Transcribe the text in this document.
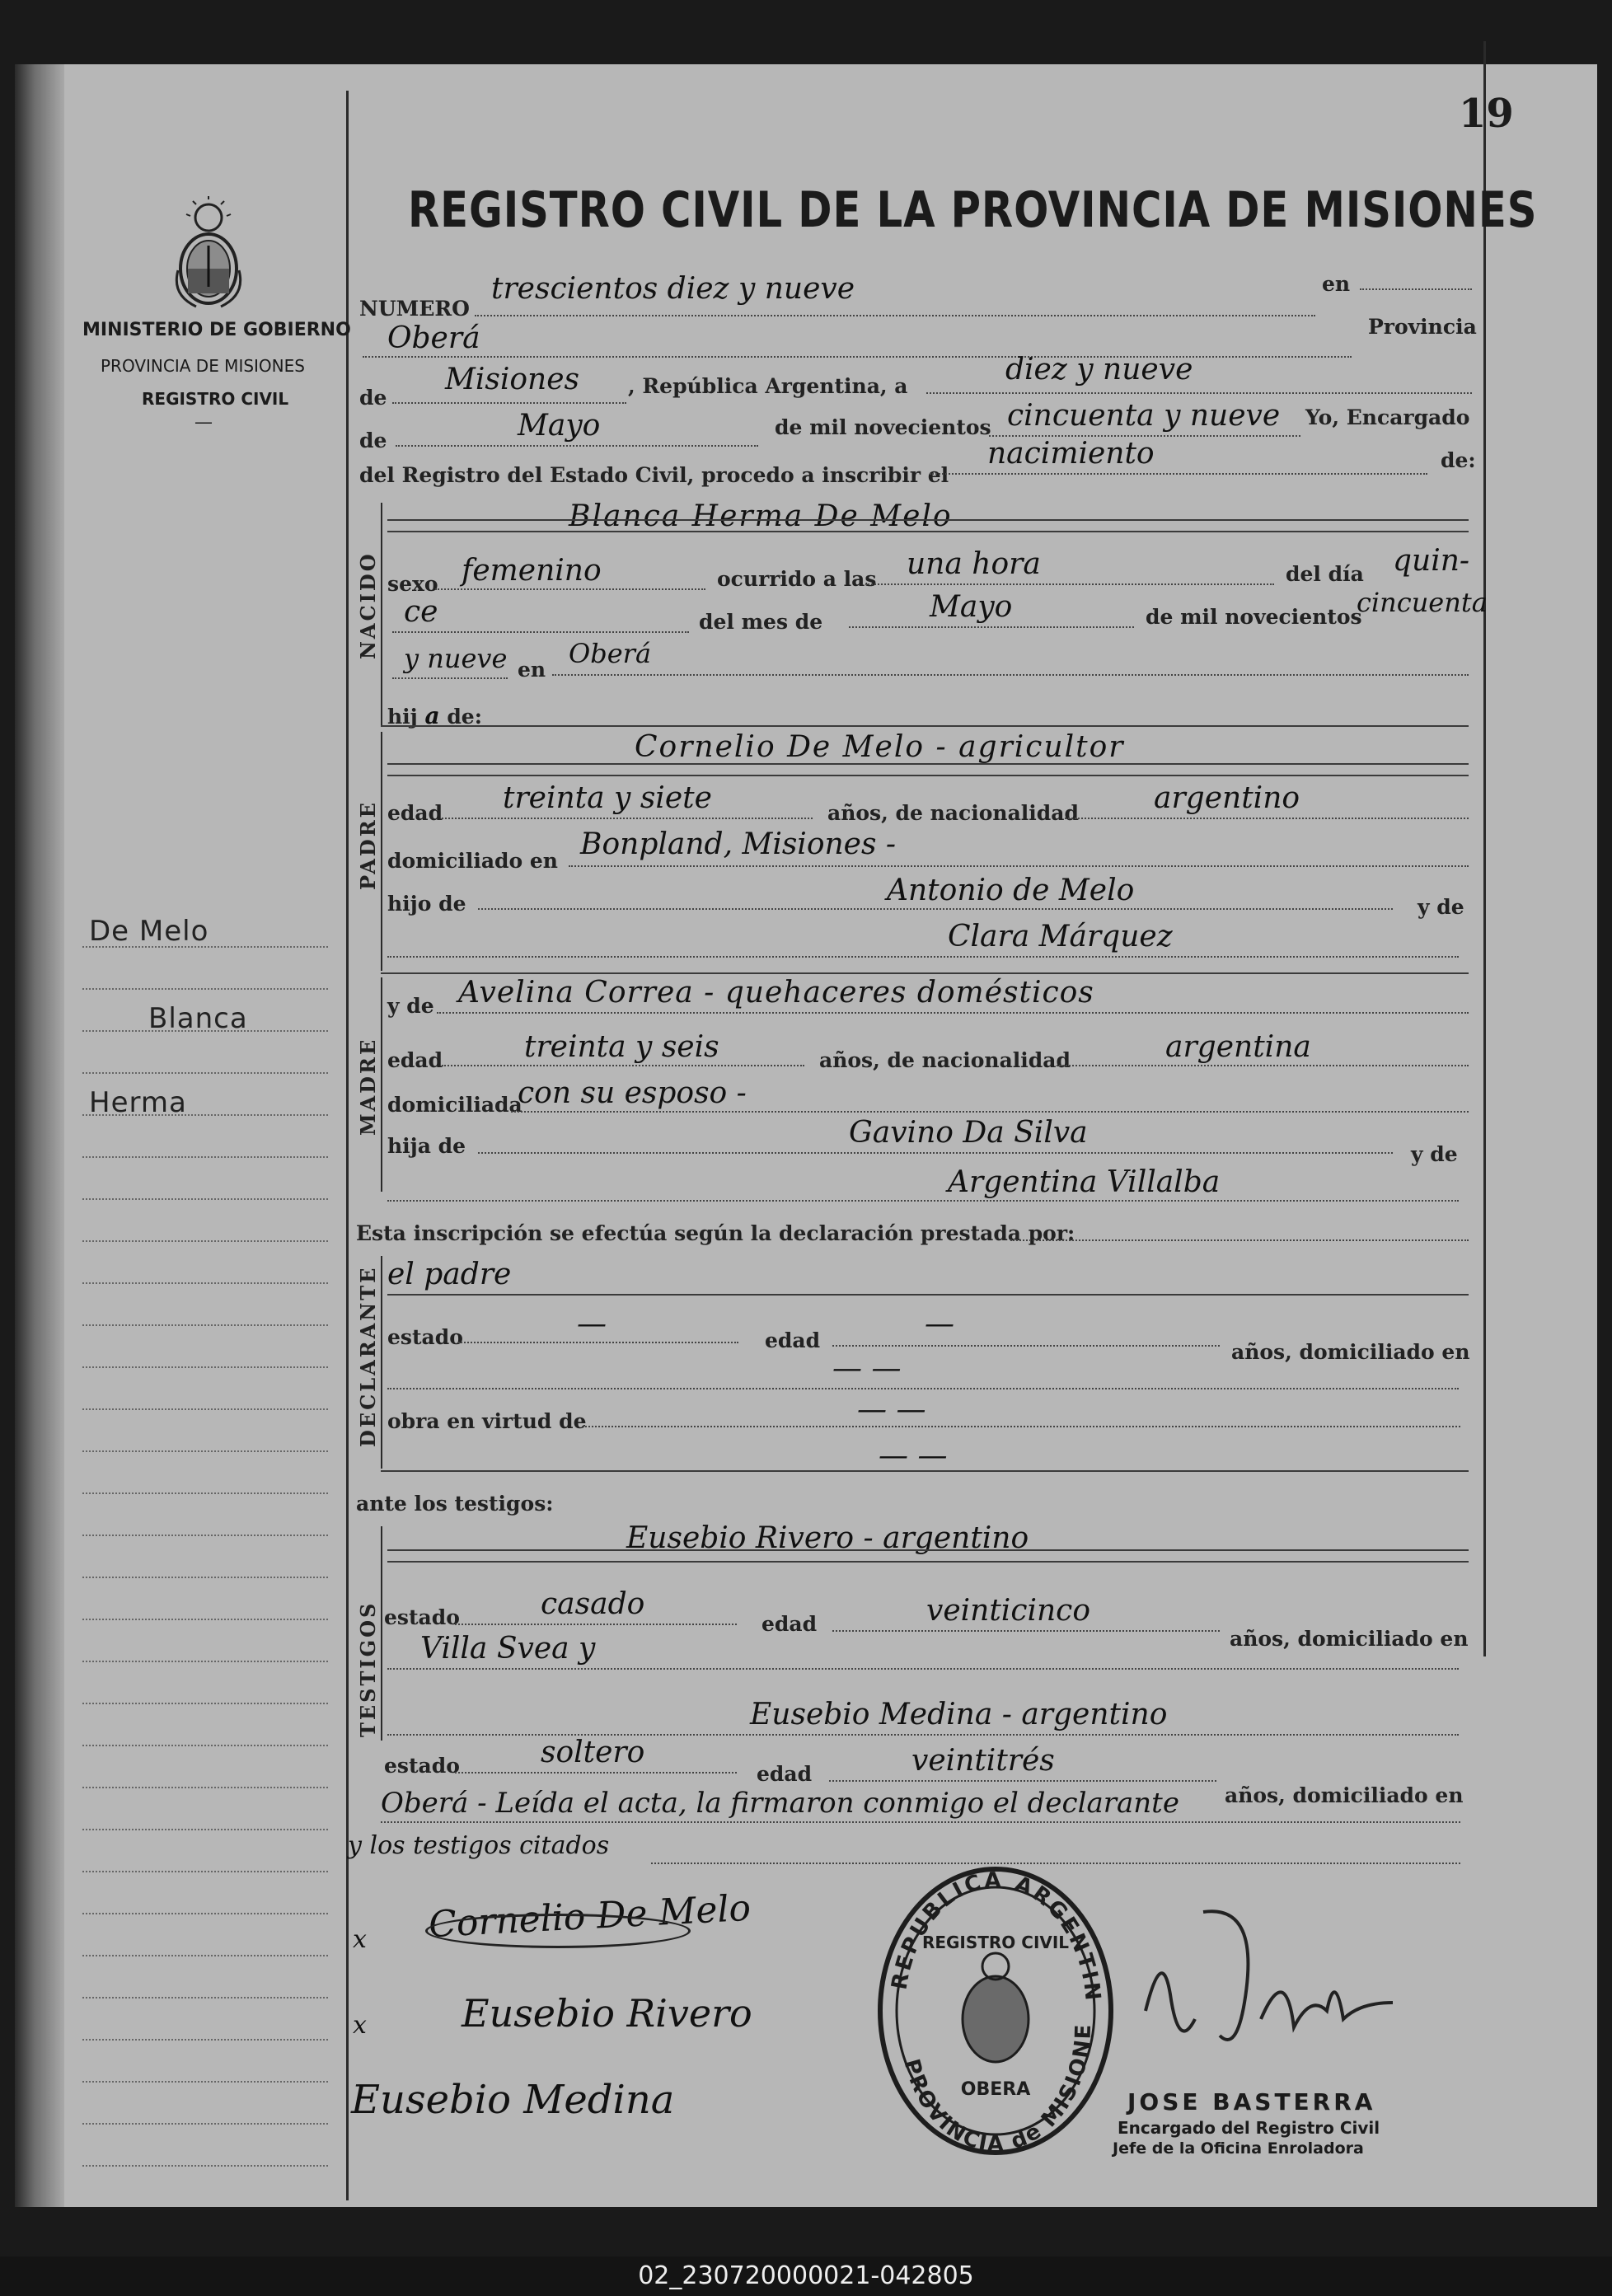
19
REGISTRO CIVIL DE LA PROVINCIA DE MISIONES
MINISTERIO DE GOBIERNO
PROVINCIA DE MISIONES
REGISTRO CIVIL
—
De Melo
Blanca
Herma
NUMERO
trescientos diez y nueve	en
Oberá	Provincia
de
Misiones , República Argentina, a	diez y nueve
de	Mayo	de mil novecientos cincuenta y nueve Yo, Encargado
del Registro del Estado Civil, procedo a inscribir el
nacimiento	de:
NACIDO
Blanca Herma De Melo
sexo femenino	ocurrido a las una hora	del día quin-
ce	del mes de	Mayo	de mil novecientos
cincuenta
y nueve en
Oberá
hij a de:
PADRE
Cornelio De Melo - agricultor
edad treinta y siete	años, de nacionalidad	argentino
domiciliado en Bonpland, Misiones -
hijo de	Antonio de Melo	y de
Clara Márquez
MADRE
y de Avelina Correa - quehaceres domésticos
edad	treinta y seis	años, de nacionalidad	argentina
domiciliada
con su esposo -
hija de	Gavino Da Silva
y de
Argentina Villalba
Esta inscripción se efectúa según la declaración prestada por:
DECLARANTE el padre
estado	—	edad	—
años, domiciliado en
— —
obra en virtud de	— —
— —
ante los testigos:
TESTIGOS
Eusebio Rivero - argentino
estado	casado
edad	veinticinco
años, domiciliado en
Villa Svea y
Eusebio Medina - argentino
estado	soltero
edad	veintitrés
años, domiciliado en
Oberá - Leída el acta, la firmaron conmigo el declarante
y los testigos citados
x Cornelio De Melo
x	Eusebio Rivero
Eusebio Medina
REPUBLICA ARGENTIN
PROVINCIA de MISIONE
REGISTRO CIVIL
OBERA	JOSE BASTERRA
Encargado del Registro Civil
Jefe de la Oficina Enroladora
02_230720000021-042805
